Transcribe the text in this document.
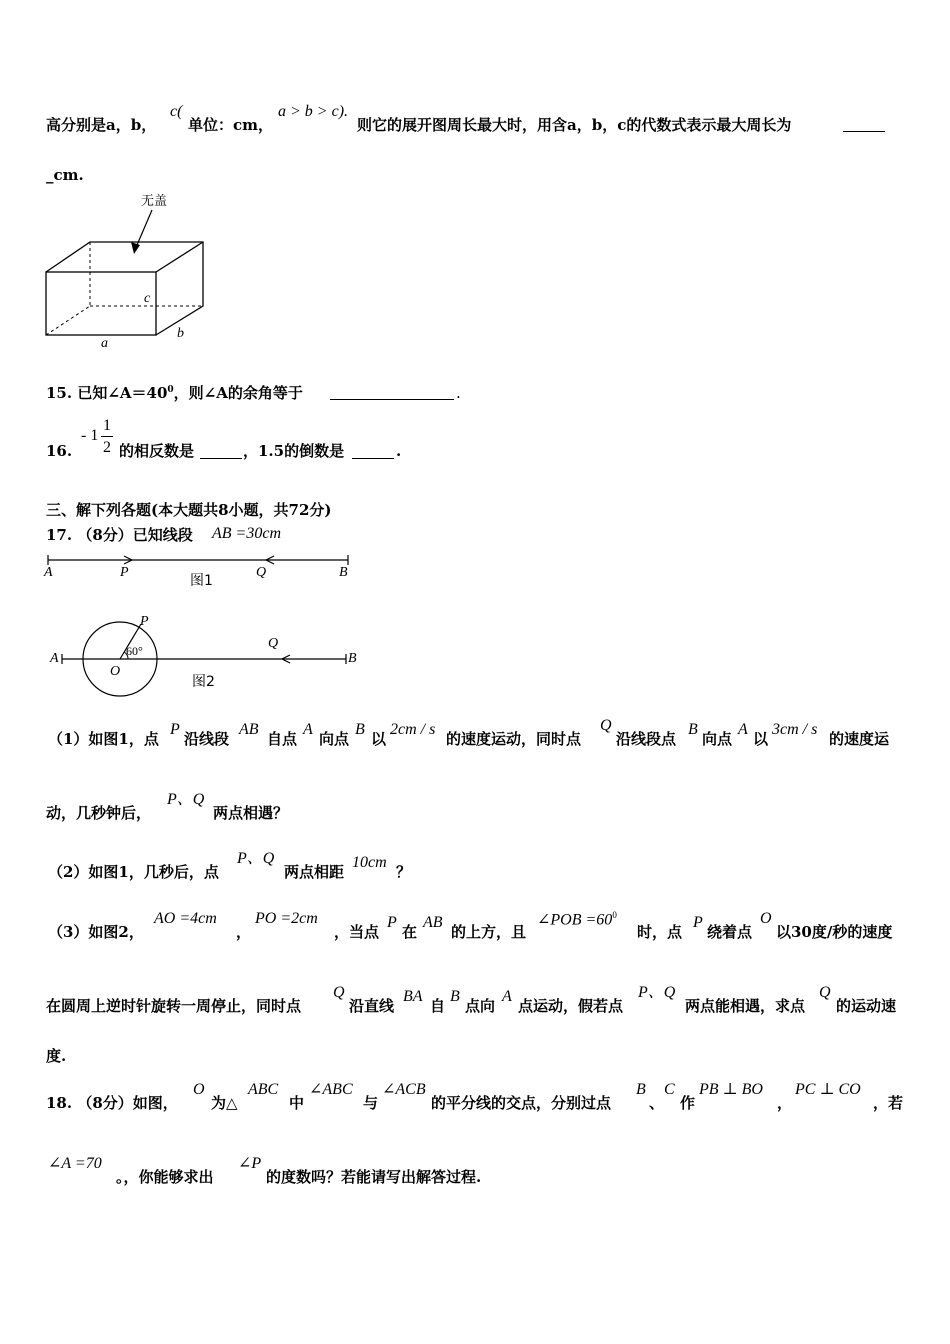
高分别是a，b，
c(
单位：cm，
a > b > c).
则它的展开图周长最大时，用含a，b，c的代数式表示最大周长为
_cm.
无盖
c
b
a
15. 已知$\angle A=40^0$，则∠A的余角等于	.
16.
- 1
1
2 的相反数是	，1.5的倒数是	.
三、解下列各题(本大题共8小题，共72分)
17. （8分）已知线段 AB =30cm
A	P
图1
Q	B
P
60°	Q
A	B
O
图2
（1）如图1，点
P
沿线段
AB
自点
A
向点
B
以
2cm / s
的速度运动，同时点
Q
沿线段点
B
向点
A
以
3cm / s
的速度运
动，几秒钟后，
P、Q
两点相遇？
（2）如图1，几秒后，点
P、Q
两点相距
10cm
？
（3）如图2，
AO =4cm
，
PO =2cm
，当点
P
在
AB
的上方，且
∠POB $=60^0$
时，点
P
绕着点
O
以30度/秒的速度
在圆周上逆时针旋转一周停止，同时点
Q
沿直线
BA
自
B
点向
A
点运动，假若点
P、Q
两点能相遇，求点
Q
的运动速
度.
18. （8分）如图，
O
为△
ABC
中
∠ABC
与
∠ACB
的平分线的交点，分别过点
B
、
C
作
PB ⊥ BO
，
PC ⊥ CO
，若
∠A =70
。，你能够求出
∠P
的度数吗？若能请写出解答过程.
